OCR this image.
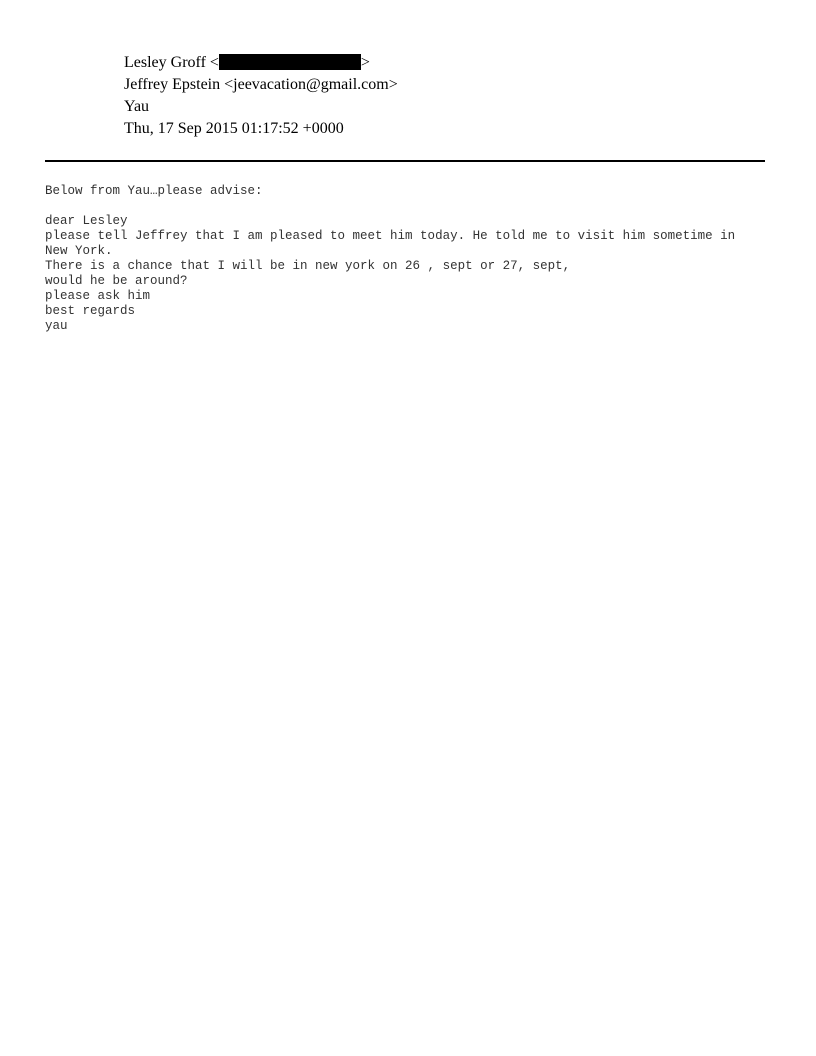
Lesley Groff <	>
Jeffrey Epstein <jeevacation@gmail.com>
Yau
Thu, 17 Sep 2015 01:17:52 +0000
Below from Yau…please advise:
dear Lesley
please tell Jeffrey that I am pleased to meet him today. He told me to visit him sometime in
New York.
There is a chance that I will be in new york on 26 , sept or 27, sept,
would he be around?
please ask him
best regards
yau
